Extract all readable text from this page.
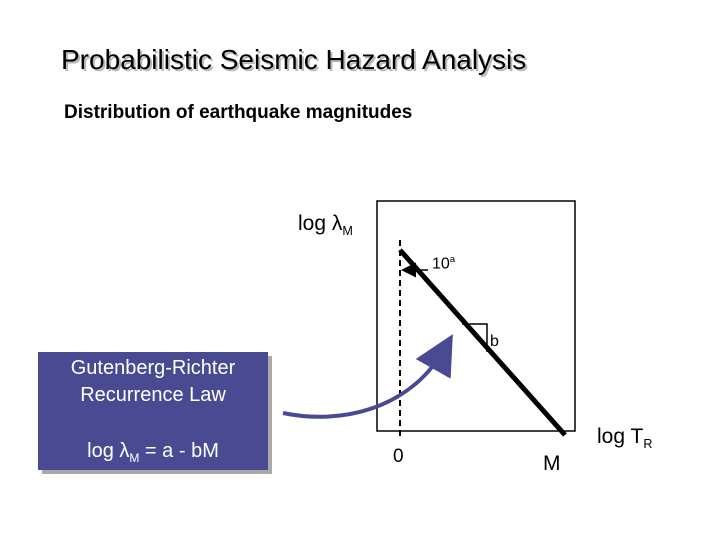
Probabilistic Seismic Hazard Analysis
Distribution of earthquake magnitudes
Gutenberg-Richter Recurrence Law
$\log \lambda_M = a$ - bM
$\log \lambda_M$
10$^a$
b
0	M
$\log T_R$
